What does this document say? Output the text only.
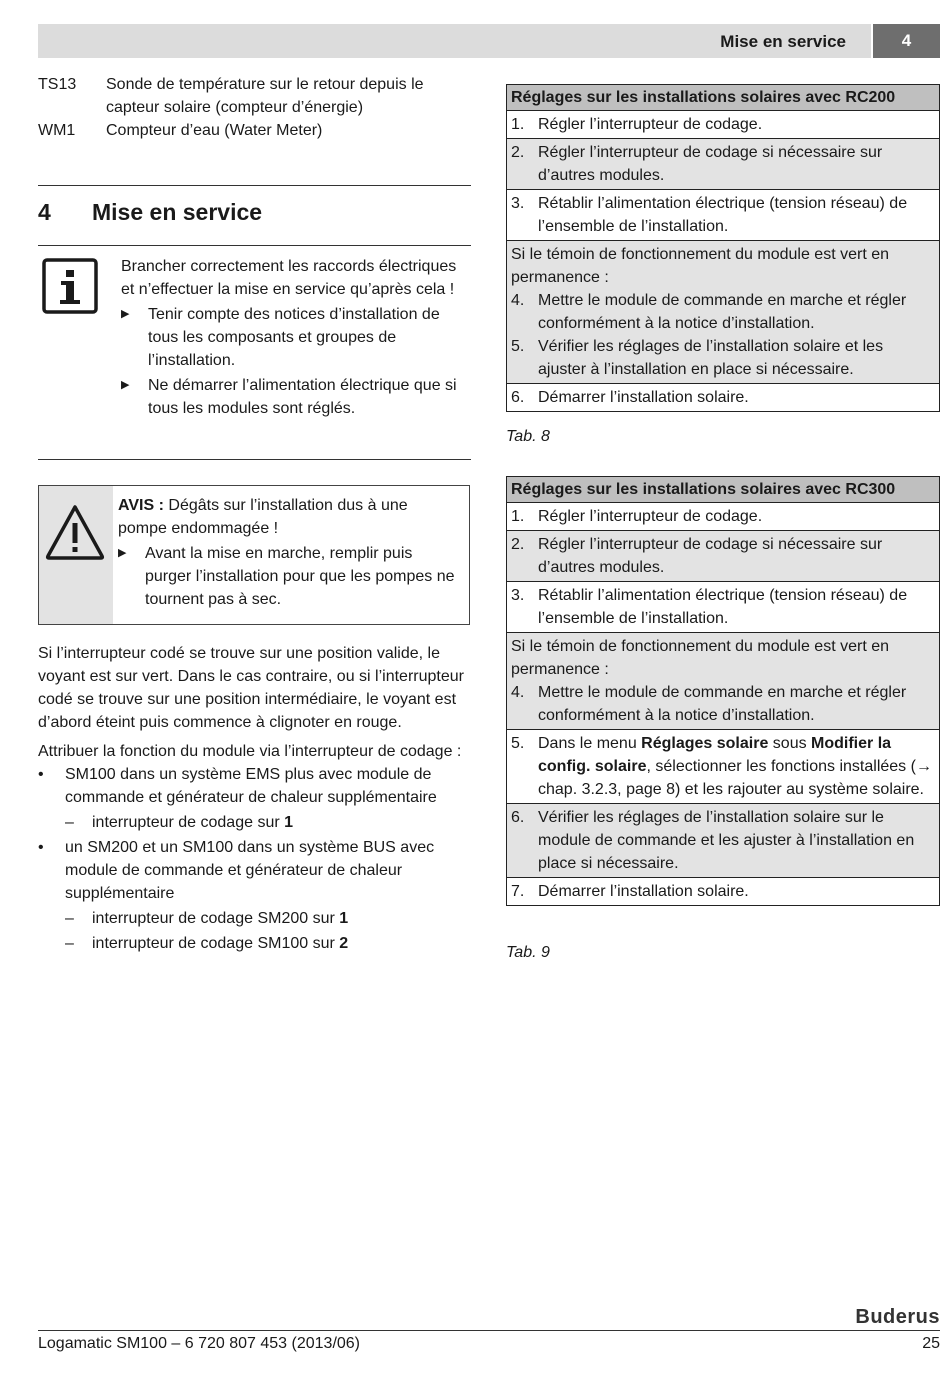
Mise en service	4
TS13	Sonde de température sur le retour depuis le capteur solaire (compteur d’énergie)
WM1	Compteur d’eau (Water Meter)
4 Mise en service

Brancher correctement les raccords électriques et n’effectuer la mise en service qu’après cela !

▶	Tenir compte des notices d’installation de tous les composants et groupes de l’installation.
▶	Ne démarrer l’alimentation électrique que si tous les modules sont réglés.

AVIS : Dégâts sur l’installation dus à une pompe endommagée !

▶	Avant la mise en marche, remplir puis purger l’installation pour que les pompes ne tournent pas à sec.

Si l’interrupteur codé se trouve sur une position valide, le voyant est sur vert. Dans le cas contraire, ou si l’interrupteur codé se trouve sur une position intermédiaire, le voyant est d’abord éteint puis commence à clignoter en rouge.

Attribuer la fonction du module via l’interrupteur de codage :

•	SM100 dans un système EMS plus avec module de commande et générateur de chaleur supplémentaire
–	interrupteur de codage sur 1
•	un SM200 et un SM100 dans un système BUS avec module de commande et générateur de chaleur supplémentaire
–	interrupteur de codage SM200 sur 1
–	interrupteur de codage SM100 sur 2
Réglages sur les installations solaires avec RC200
1. Régler l’interrupteur de codage.
2. Régler l’interrupteur de codage si nécessaire sur d’autres modules.
3. Rétablir l’alimentation électrique (tension réseau) de l’ensemble de l’installation.
Si le témoin de fonctionnement du module est vert en permanence :
4. Mettre le module de commande en marche et régler conformément à la notice d’installation.
5. Vérifier les réglages de l’installation solaire et les ajuster à l’installation en place si nécessaire.
6. Démarrer l’installation solaire.
Tab. 8
Réglages sur les installations solaires avec RC300
1. Régler l’interrupteur de codage.
2. Régler l’interrupteur de codage si nécessaire sur d’autres modules.
3. Rétablir l’alimentation électrique (tension réseau) de l’ensemble de l’installation.
Si le témoin de fonctionnement du module est vert en permanence :
4. Mettre le module de commande en marche et régler conformément à la notice d’installation.
5. Dans le menu Réglages solaire sous Modifier la config. solaire, sélectionner les fonctions installées (→ chap. 3.2.3, page 8) et les rajouter au système solaire.
6. Vérifier les réglages de l’installation solaire sur le module de commande et les ajuster à l’installation en place si nécessaire.
7. Démarrer l’installation solaire.
Tab. 9
Buderus
Logamatic SM100 – 6 720 807 453 (2013/06)	25
